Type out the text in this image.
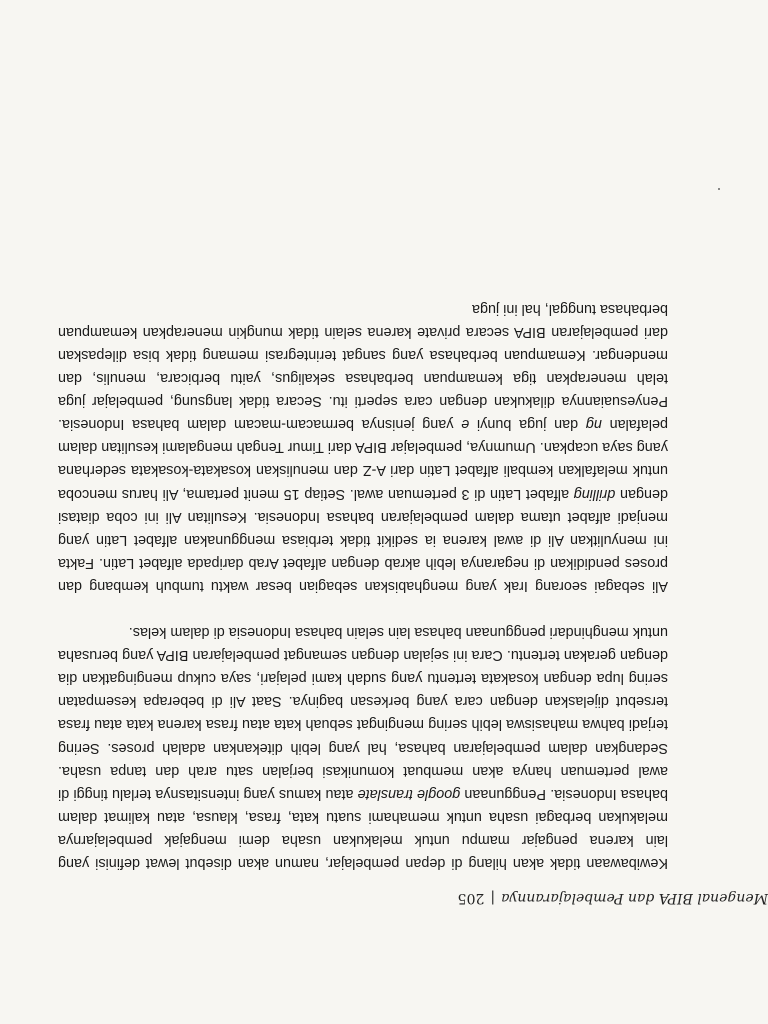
Mengenal BIPA dan Pembelajarannya|205

Kewibawaan tidak akan hilang di depan pembelajar, namun akan disebut lewat definisi yang lain karena pengajar mampu untuk melakukan usaha demi mengajak pembelajarnya melakukan berbagai usaha untuk memahami suatu kata, frasa, klausa, atau kalimat dalam bahasa Indonesia. Penggunaan google translate atau kamus yang intensitasnya terlalu tinggi di awal pertemuan hanya akan membuat komunikasi berjalan satu arah dan tanpa usaha. Sedangkan dalam pembelajaran bahasa, hal yang lebih ditekankan adalah proses. Sering terjadi bahwa mahasiswa lebih sering mengingat sebuah kata atau frasa karena kata atau frasa tersebut dijelaskan dengan cara yang berkesan baginya. Saat Ali di beberapa kesempatan sering lupa dengan kosakata tertentu yang sudah kami pelajari, saya cukup mengingatkan dia dengan gerakan tertentu. Cara ini sejalan dengan semangat pembelajaran BIPA yang berusaha untuk menghindari penggunaan bahasa lain selain bahasa Indonesia di dalam kelas.

Ali sebagai seorang Irak yang menghabiskan sebagian besar waktu tumbuh kembang dan proses pendidikan di negaranya lebih akrab dengan alfabet Arab daripada alfabet Latin. Fakta ini menyulitkan Ali di awal karena ia sedikit tidak terbiasa menggunakan alfabet Latin yang menjadi alfabet utama dalam pembelajaran bahasa Indonesia. Kesulitan Ali ini coba diatasi dengan drilling alfabet Latin di 3 pertemuan awal. Setiap 15 menit pertama, Ali harus mencoba untuk melafalkan kembali alfabet Latin dari A-Z dan menuliskan kosakata-kosakata sederhana yang saya ucapkan. Umumnya, pembelajar BIPA dari Timur Tengah mengalami kesulitan dalam pelafalan ng dan juga bunyi e yang jenisnya bermacam-macam dalam bahasa Indonesia. Penyesuaiannya dilakukan dengan cara seperti itu. Secara tidak langsung, pembelajar juga telah menerapkan tiga kemampuan berbahasa sekaligus, yaitu berbicara, menulis, dan mendengar. Kemampuan berbahasa yang sangat terintegrasi memang tidak bisa dilepaskan dari pembelajaran BIPA secara private karena selain tidak mungkin menerapkan kemampuan berbahasa tunggal, hal ini juga
